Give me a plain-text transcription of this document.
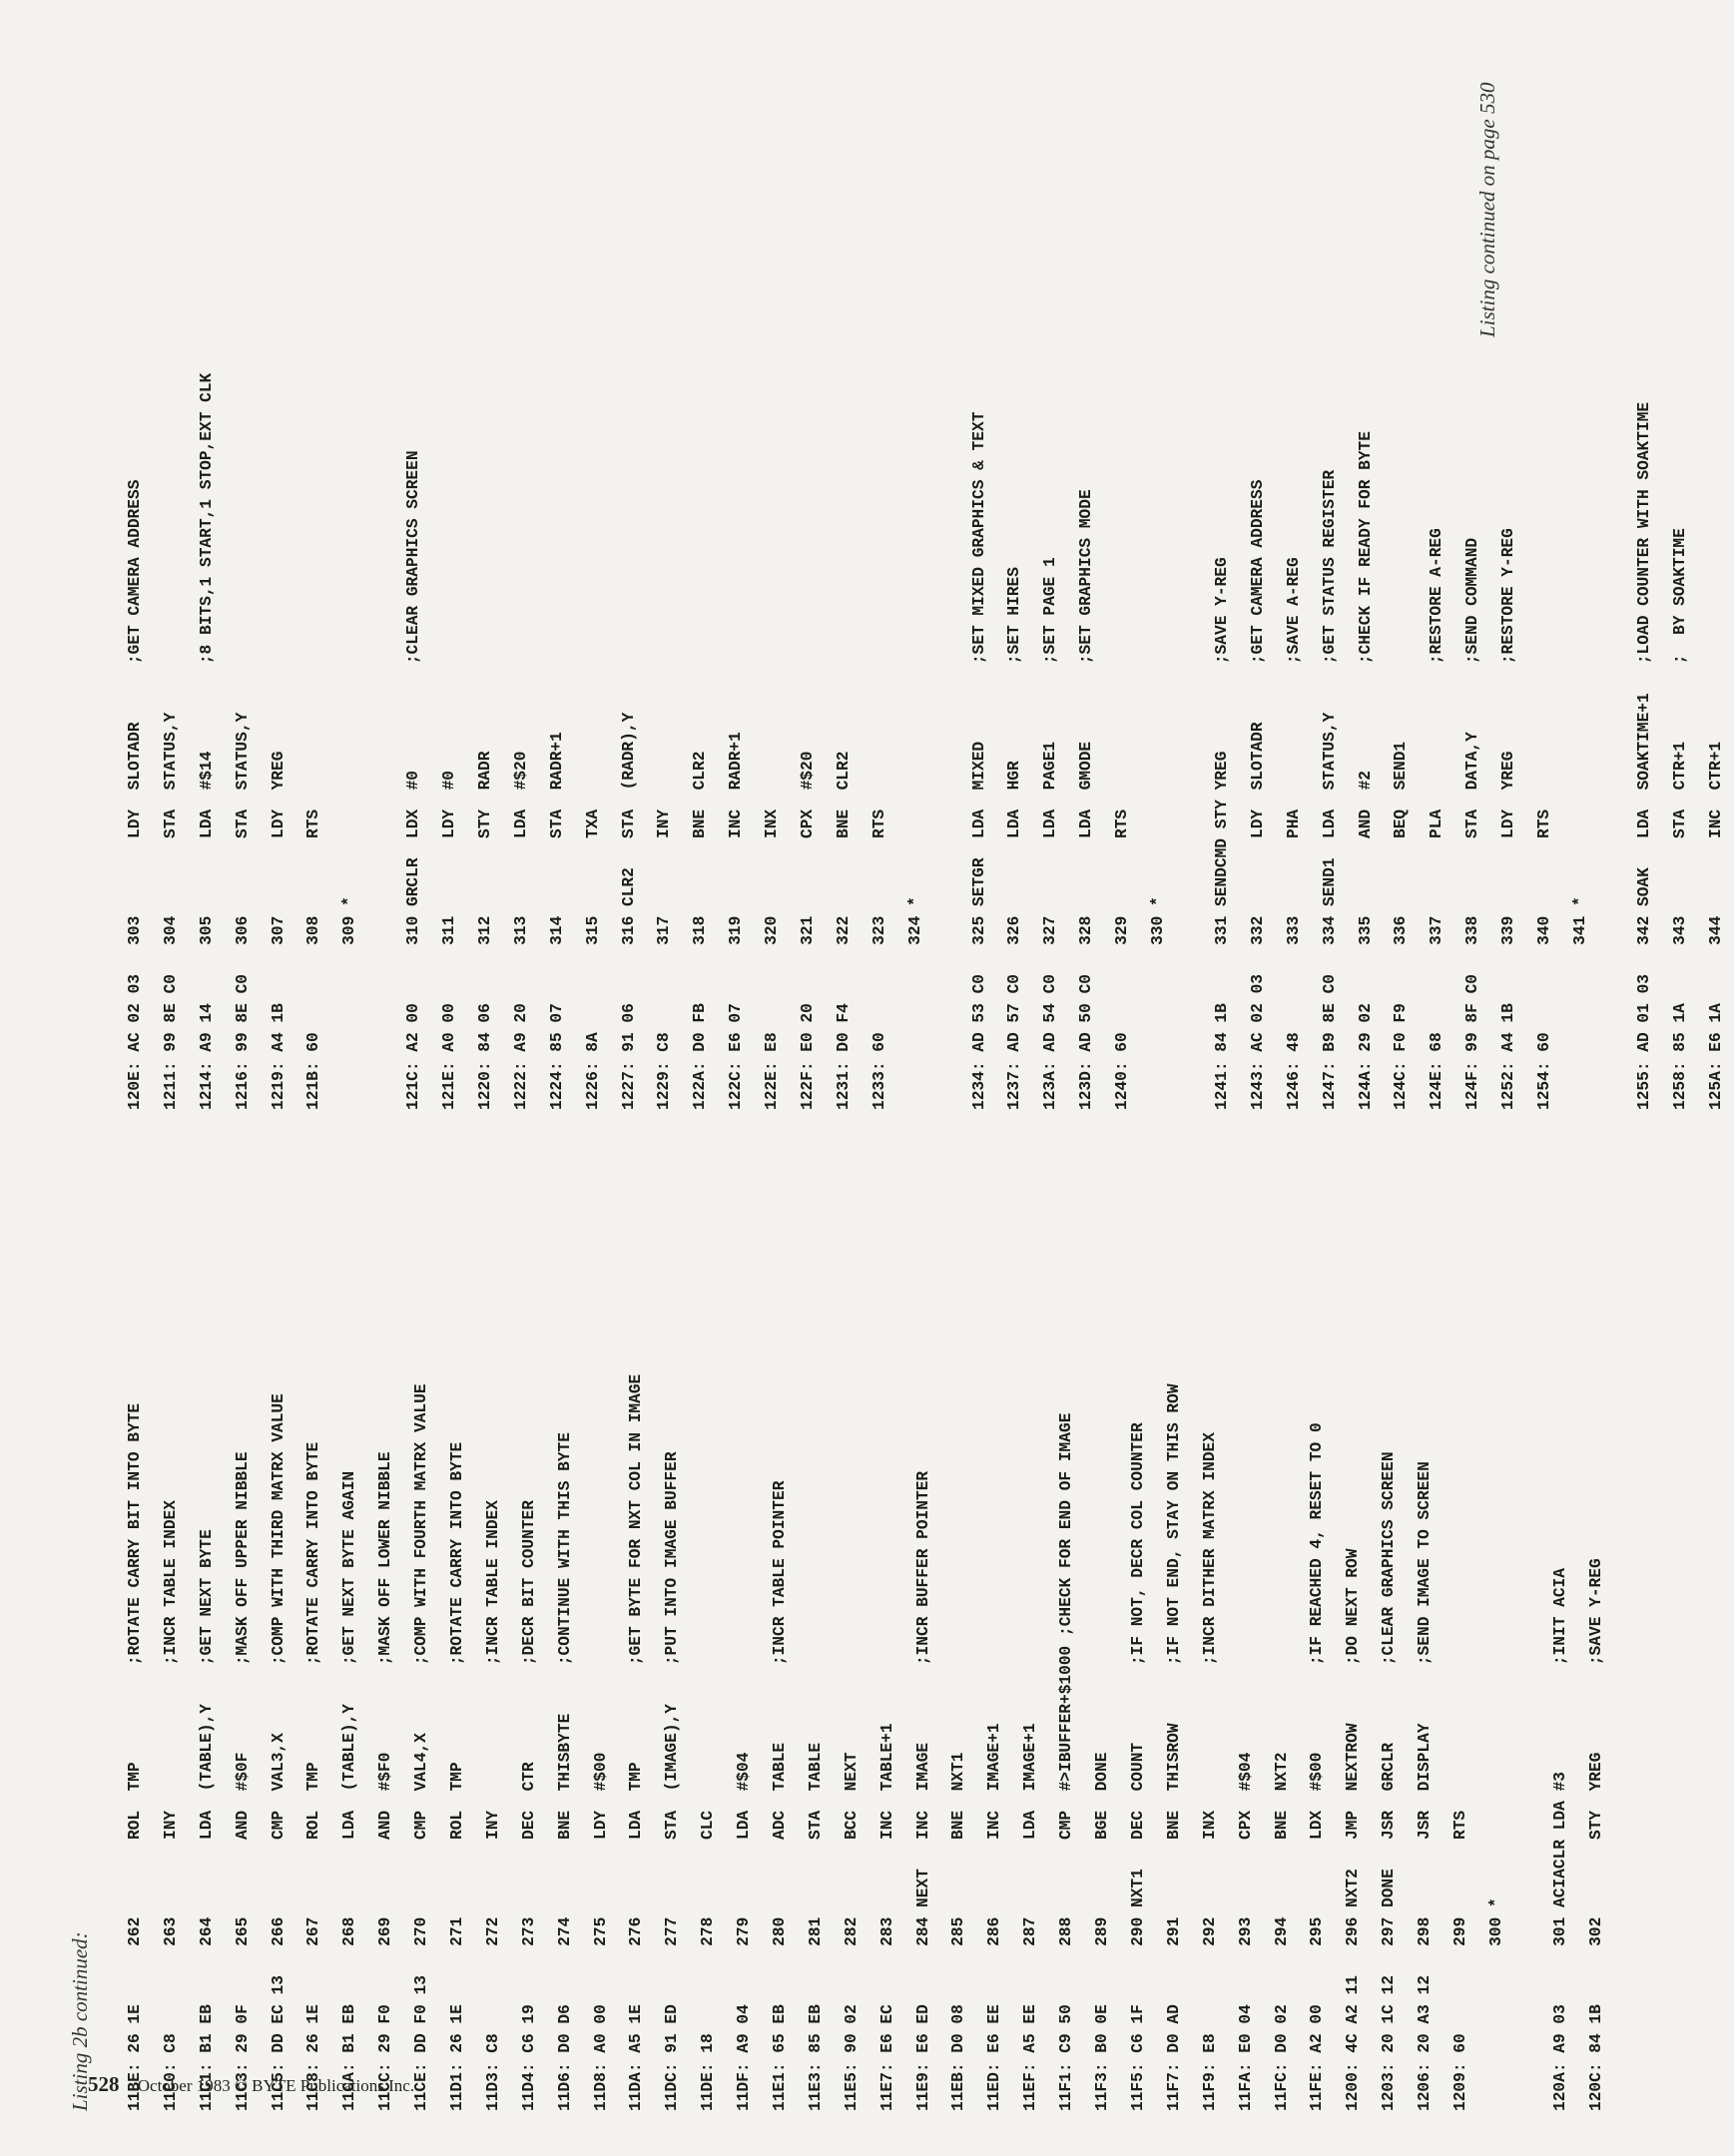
Listing 2b continued:	11BE: 26 1E      262        ROL  TMP          ;ROTATE CARRY BIT INTO BYTE	11C0: C8         263        INY               ;INCR TABLE INDEX	11C1: B1 EB      264        LDA  (TABLE),Y    ;GET NEXT BYTE	11C3: 29 0F      265        AND  #$0F         ;MASK OFF UPPER NIBBLE	11C5: DD EC 13   266        CMP  VAL3,X       ;COMP WITH THIRD MATRX VALUE	11C8: 26 1E      267        ROL  TMP          ;ROTATE CARRY INTO BYTE	11CA: B1 EB      268        LDA  (TABLE),Y    ;GET NEXT BYTE AGAIN	11CC: 29 F0      269        AND  #$F0         ;MASK OFF LOWER NIBBLE	11CE: DD F0 13   270        CMP  VAL4,X       ;COMP WITH FOURTH MATRX VALUE	11D1: 26 1E      271        ROL  TMP          ;ROTATE CARRY INTO BYTE	11D3: C8         272        INY               ;INCR TABLE INDEX	11D4: C6 19      273        DEC  CTR          ;DECR BIT COUNTER	11D6: D0 D6      274        BNE  THISBYTE     ;CONTINUE WITH THIS BYTE	11D8: A0 00      275        LDY  #$00	11DA: A5 1E      276        LDA  TMP          ;GET BYTE FOR NXT COL IN IMAGE	11DC: 91 ED      277        STA  (IMAGE),Y    ;PUT INTO IMAGE BUFFER	11DE: 18         278        CLC	11DF: A9 04      279        LDA  #$04	11E1: 65 EB      280        ADC  TABLE        ;INCR TABLE POINTER	11E3: 85 EB      281        STA  TABLE	11E5: 90 02      282        BCC  NEXT	11E7: E6 EC      283        INC  TABLE+1	11E9: E6 ED      284 NEXT   INC  IMAGE        ;INCR BUFFER POINTER	11EB: D0 08      285        BNE  NXT1	11ED: E6 EE      286        INC  IMAGE+1	11EF: A5 EE      287        LDA  IMAGE+1	11F1: C9 50      288        CMP  #>IBUFFER+$1000 ;CHECK FOR END OF IMAGE	11F3: B0 0E      289        BGE  DONE	11F5: C6 1F      290 NXT1   DEC  COUNT        ;IF NOT, DECR COL COUNTER	11F7: D0 AD      291        BNE  THISROW      ;IF NOT END, STAY ON THIS ROW	11F9: E8         292        INX               ;INCR DITHER MATRX INDEX	11FA: E0 04      293        CPX  #$04	11FC: D0 02      294        BNE  NXT2	11FE: A2 00      295        LDX  #$00         ;IF REACHED 4, RESET TO 0	1200: 4C A2 11   296 NXT2   JMP  NEXTROW      ;DO NEXT ROW	1203: 20 1C 12   297 DONE   JSR  GRCLR        ;CLEAR GRAPHICS SCREEN	1206: 20 A3 12   298        JSR  DISPLAY      ;SEND IMAGE TO SCREEN	1209: 60         299        RTS	300 *	120A: A9 03      301 ACIACLR LDA #3           ;INIT ACIA	120C: 84 1B      302        STY  YREG         ;SAVE Y-REG
120E: AC 02 03   303        LDY  SLOTADR      ;GET CAMERA ADDRESS	1211: 99 8E C0   304        STA  STATUS,Y	1214: A9 14      305        LDA  #$14         ;8 BITS,1 START,1 STOP,EXT CLK	1216: 99 8E C0   306        STA  STATUS,Y	1219: A4 1B      307        LDY  YREG	121B: 60         308        RTS	309 *	121C: A2 00      310 GRCLR  LDX  #0           ;CLEAR GRAPHICS SCREEN	121E: A0 00      311        LDY  #0	1220: 84 06      312        STY  RADR	1222: A9 20      313        LDA  #$20	1224: 85 07      314        STA  RADR+1	1226: 8A         315        TXA	1227: 91 06      316 CLR2   STA  (RADR),Y	1229: C8         317        INY	122A: D0 FB      318        BNE  CLR2	122C: E6 07      319        INC  RADR+1	122E: E8         320        INX	122F: E0 20      321        CPX  #$20	1231: D0 F4      322        BNE  CLR2	1233: 60         323        RTS	324 *	1234: AD 53 C0   325 SETGR  LDA  MIXED        ;SET MIXED GRAPHICS & TEXT	1237: AD 57 C0   326        LDA  HGR          ;SET HIRES	123A: AD 54 C0   327        LDA  PAGE1        ;SET PAGE 1	123D: AD 50 C0   328        LDA  GMODE        ;SET GRAPHICS MODE	1240: 60         329        RTS	330 *	1241: 84 1B      331 SENDCMD STY YREG         ;SAVE Y-REG	1243: AC 02 03   332        LDY  SLOTADR      ;GET CAMERA ADDRESS	1246: 48         333        PHA               ;SAVE A-REG	1247: B9 8E C0   334 SEND1  LDA  STATUS,Y     ;GET STATUS REGISTER	124A: 29 02      335        AND  #2           ;CHECK IF READY FOR BYTE	124C: F0 F9      336        BEQ  SEND1	124E: 68         337        PLA               ;RESTORE A-REG	124F: 99 8F C0   338        STA  DATA,Y       ;SEND COMMAND	1252: A4 1B      339        LDY  YREG         ;RESTORE Y-REG	1254: 60         340        RTS	341 *	1255: AD 01 03   342 SOAK   LDA  SOAKTIME+1   ;LOAD COUNTER WITH SOAKTIME	1258: 85 1A      343        STA  CTR+1        ;  BY SOAKTIME	125A: E6 1A      344        INC  CTR+1
Listing continued on page 530
528 October 1983 © BYTE Publications Inc.
